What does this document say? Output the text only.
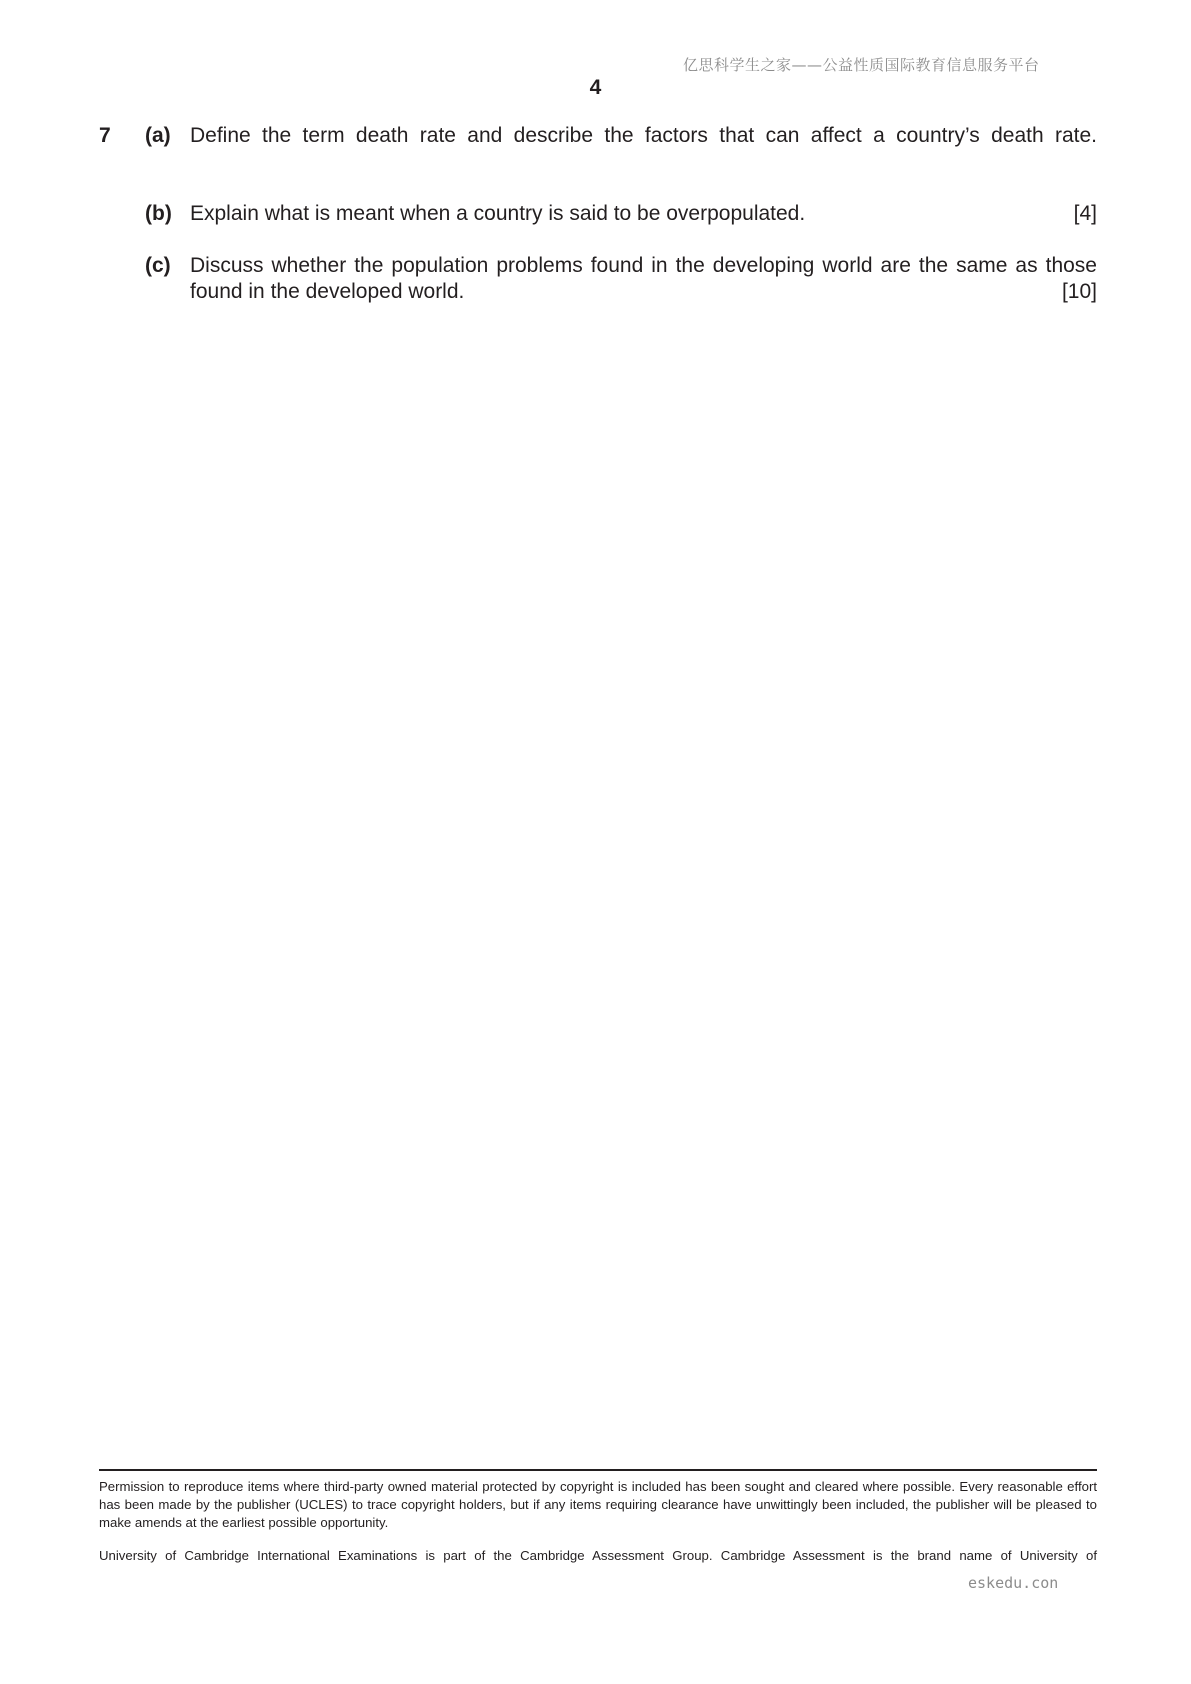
亿思科学生之家——公益性质国际教育信息服务平台
4
7 (a) Define the term death rate and describe the factors that can affect a country’s death rate.
(b) Explain what is meant when a country is said to be overpopulated.	[4]
(c) Discuss whether the population problems found in the developing world are the same as those found in the developed world.	[10]
Permission to reproduce items where third-party owned material protected by copyright is included has been sought and cleared where possible. Every reasonable effort has been made by the publisher (UCLES) to trace copyright holders, but if any items requiring clearance have unwittingly been included, the publisher will be pleased to make amends at the earliest possible opportunity.
University of Cambridge International Examinations is part of the Cambridge Assessment Group. Cambridge Assessment is the brand name of University of
eskedu.con
